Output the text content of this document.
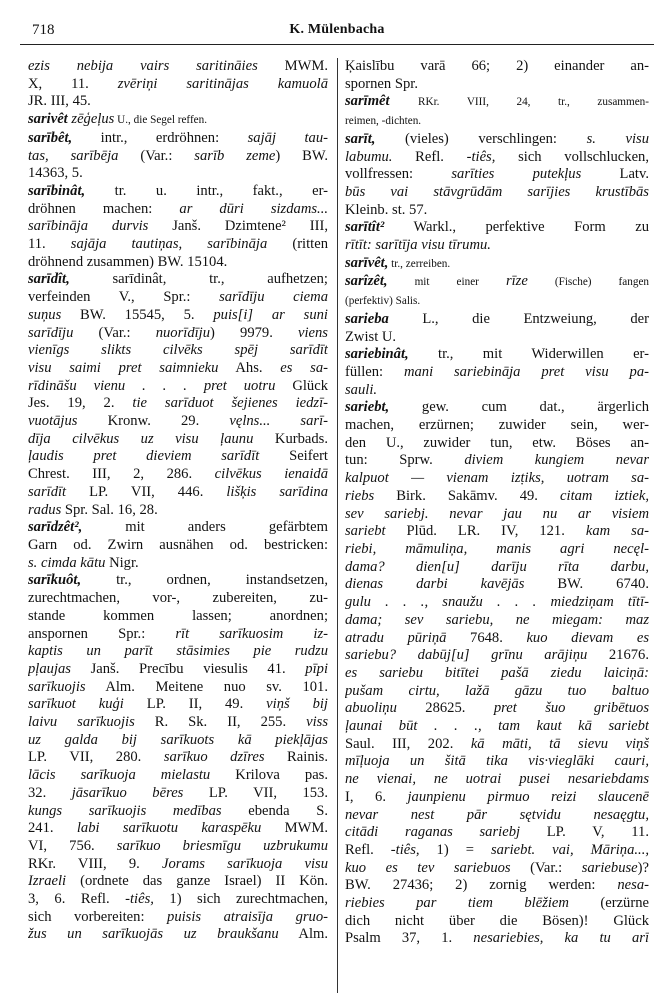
718	K. Mülenbacha
ezis nebija vairs saritināies MWM.
X, 11. zvēriņi saritinājas kamuolā
JR. III, 45.
sarivêt zēģeļus U., die Segel reffen.
sarībêt, intr., erdröhnen: sajāj tau-
tas, sarībēja (Var.: sarīb zeme) BW.
14363, 5.
sarībinât, tr. u. intr., fakt., er-
dröhnen machen: ar dūri sizdams...
sarībināja durvis Janš. Dzimtene² III,
11. sajāja tautiņas, sarībināja (ritten
dröhnend zusammen) BW. 15104.
sarīdît, sarīdinât, tr., aufhetzen;
verfeinden V., Spr.: sarīdīju ciema
suņus BW. 15545, 5. puis[i] ar suni
sarīdīju (Var.: nuorīdīju) 9979. viens
vienīgs slikts cilvēks spēj sarīdīt
visu saimi pret saimnieku Ahs. es sa-
rīdināšu vienu . . . pret uotru Glück
Jes. 19, 2. tie sarīduot šejienes iedzī-
vuotājus Kronw. 29. vęlns... sarī-
dīja cilvēkus uz visu ļaunu Kurbads.
ļaudis pret dieviem sarīdīt Seifert
Chrest. III, 2, 286. cilvēkus ienaidā
sarīdīt LP. VII, 446. lišķis sarīdina
radus Spr. Sal. 16, 28.
sarīdzêt², mit anders gefärbtem
Garn od. Zwirn ausnähen od. bestricken:
s. cimda kātu Nigr.
sarīkuôt, tr., ordnen, instandsetzen,
zurechtmachen, vor-, zubereiten, zu-
stande kommen lassen; anordnen;
anspornen Spr.: rīt sarīkuosim iz-
kaptis un parīt stāsimies pie rudzu
pļaujas Janš. Precību viesulis 41. pīpi
sarīkuojis Alm. Meitene nuo sv. 101.
sarīkuot kuģi LP. II, 49. viņš bij
laivu sarīkuojis R. Sk. II, 255. viss
uz galda bij sarīkuots kā piekļājas
LP. VII, 280. sarīkuo dzīres Rainis.
lācis sarīkuoja mielastu Krilova pas.
32. jāsarīkuo bēres LP. VII, 153.
kungs sarīkuojis medības ebenda S.
241. labi sarīkuotu karaspēku MWM.
VI, 756. sarīkuo briesmīgu uzbrukumu
RKr. VIII, 9. Jorams sarīkuoja visu
Izraeli (ordnete das ganze Israel) II Kön.
3, 6. Refl. -tiês, 1) sich zurechtmachen,
sich vorbereiten: puisis atraisīja gruo-
žus un sarīkuojās uz braukšanu Alm.
Ķaislību varā 66; 2) einander an-
spornen Spr.
sarīmêt	RKr. VIII, 24, tr., zusammen-
reimen, -dichten.
sarīt, (vieles) verschlingen: s. visu
labumu. Refl. -tiês, sich vollschlucken,
vollfressen: sarīties putekļus Latv.
būs vai stāvgrūdām sarījies krustībās
Kleinb. st. 57.
sarītît² Warkl., perfektive Form zu
rītīt: sarītīja visu tīrumu.
sarīvêt, tr., zerreiben.
sarîzêt, mit einer rīze (Fische) fangen
(perfektiv) Salis.
sarieba L., die Entzweiung, der
Zwist U.
sariebinât, tr., mit Widerwillen er-
füllen: mani sariebināja pret visu pa-
sauli.
sariebt, gew. cum dat., ärgerlich
machen, erzürnen; zuwider sein, wer-
den U., zuwider tun, etw. Böses an-
tun: Sprw. diviem kungiem nevar
kalpuot — vienam izṭiks, uotram sa-
riebs Birk. Sakāmv. 49. citam iztiek,
sev sariebj. nevar jau nu ar visiem
sariebt Plūd. LR. IV, 121. kam sa-
riebi, māmuliņa, manis agri necęl-
dama? dien[u] darīju rīta darbu,
dienas darbi kavējās BW. 6740.
gulu . . ., snaužu . . . miedziņam tītī-
dama; sev sariebu, ne miegam: maz
atradu pūriņā 7648. kuo dievam es
sariebu? dabūj[u] grīnu arājiņu 21676.
es sariebu bitītei pašā ziedu laiciņā:
pušam cirtu, lažā gāzu tuo baltuo
abuoliņu 28625. pret šuo gribētuos
ļaunai būt . . ., tam kaut kā sariebt
Saul. III, 202. kā māti, tā sievu viņš
mīļuoja un šitā tika vis·vieglāki cauri,
ne vienai, ne uotrai pusei nesariebdams
I, 6. jaunpienu pirmuo reizi slaucenē
nevar nest pār sętvidu nesaęgtu,
citādi raganas sariebj LP. V, 11.
Refl. -tiês, 1) = sariebt. vai, Māriņa...,
kuo es tev sariebuos (Var.: sariebuse)?
BW. 27436; 2) zornig werden: nesa-
riebies par tiem blēžiem (erzürne
dich nicht über die Bösen)! Glück
Psalm 37, 1. nesariebies, ka tu arī
